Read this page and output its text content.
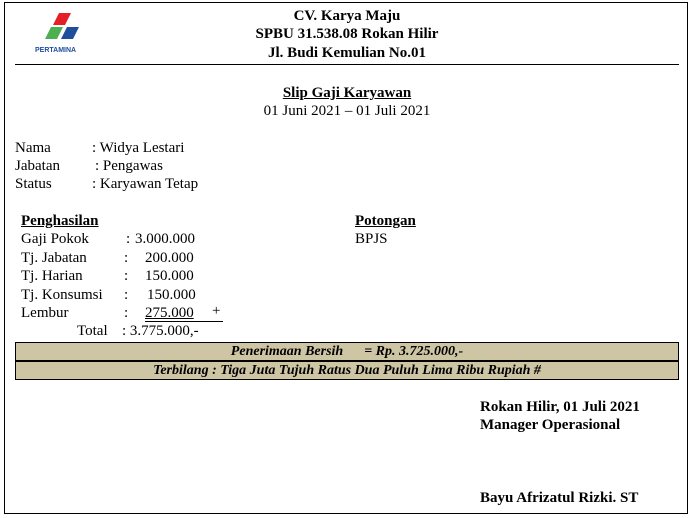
PERTAMINA
CV. Karya Maju
SPBU 31.538.08 Rokan Hilir
Jl. Budi Kemulian No.01
Slip Gaji Karyawan
01 Juni 2021 – 01 Juli 2021
Nama	: Widya Lestari
Jabatan : Pengawas
Status	: Karyawan Tetap
Penghasilan
Gaji Pokok : 3.000.000
Tj. Jabatan : 200.000
Tj. Harian	: 150.000
Tj. Konsumsi : 150.000
Lembur	: 275.000 +
Total : 3.775.000,-
Potongan
BPJS
Penerimaan Bersih = Rp. 3.725.000,-
Terbilang : Tiga Juta Tujuh Ratus Dua Puluh Lima Ribu Rupiah #
Rokan Hilir, 01 Juli 2021
Manager Operasional
Bayu Afrizatul Rizki. ST
